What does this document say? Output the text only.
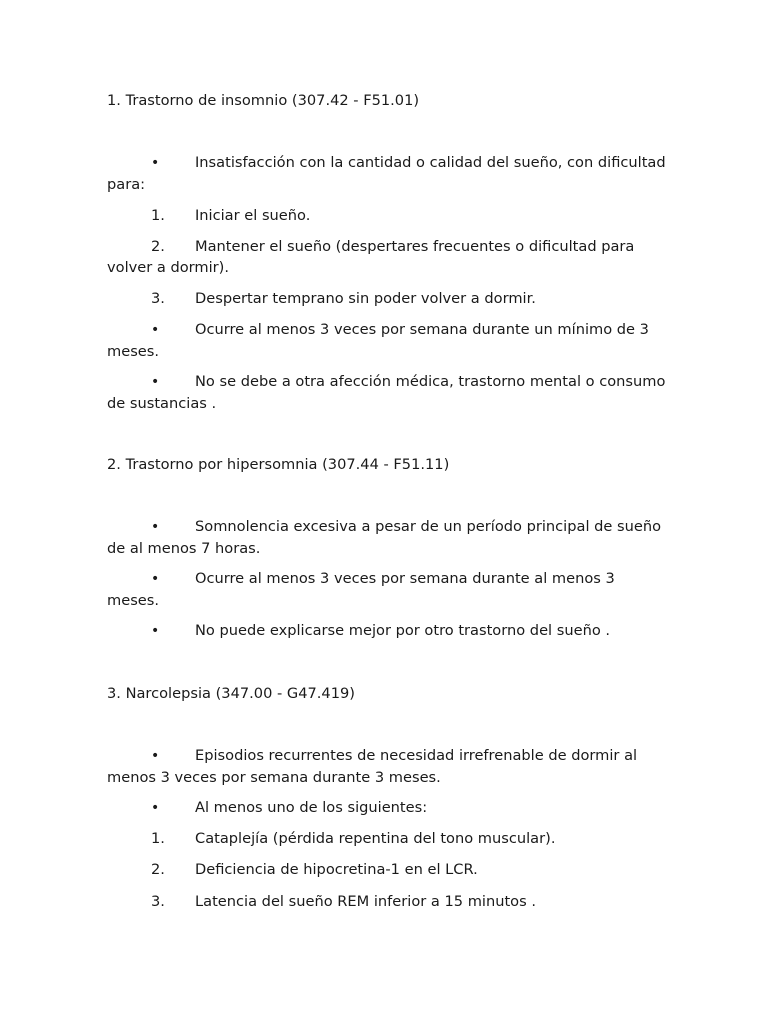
1. Trastorno de insomnio (307.42 - F51.01)
• Insatisfacción con la cantidad o calidad del sueño, con dificultad para:
1. Iniciar el sueño.
2. Mantener el sueño (despertares frecuentes o dificultad para volver a dormir).
3. Despertar temprano sin poder volver a dormir.
• Ocurre al menos 3 veces por semana durante un mínimo de 3 meses.
• No se debe a otra afección médica, trastorno mental o consumo de sustancias .
2. Trastorno por hipersomnia (307.44 - F51.11)
• Somnolencia excesiva a pesar de un período principal de sueño de al menos 7 horas.
• Ocurre al menos 3 veces por semana durante al menos 3 meses.
• No puede explicarse mejor por otro trastorno del sueño .
3. Narcolepsia (347.00 - G47.419)
• Episodios recurrentes de necesidad irrefrenable de dormir al menos 3 veces por semana durante 3 meses.
• Al menos uno de los siguientes:
1. Cataplejía (pérdida repentina del tono muscular).
2. Deficiencia de hipocretina-1 en el LCR.
3. Latencia del sueño REM inferior a 15 minutos .
